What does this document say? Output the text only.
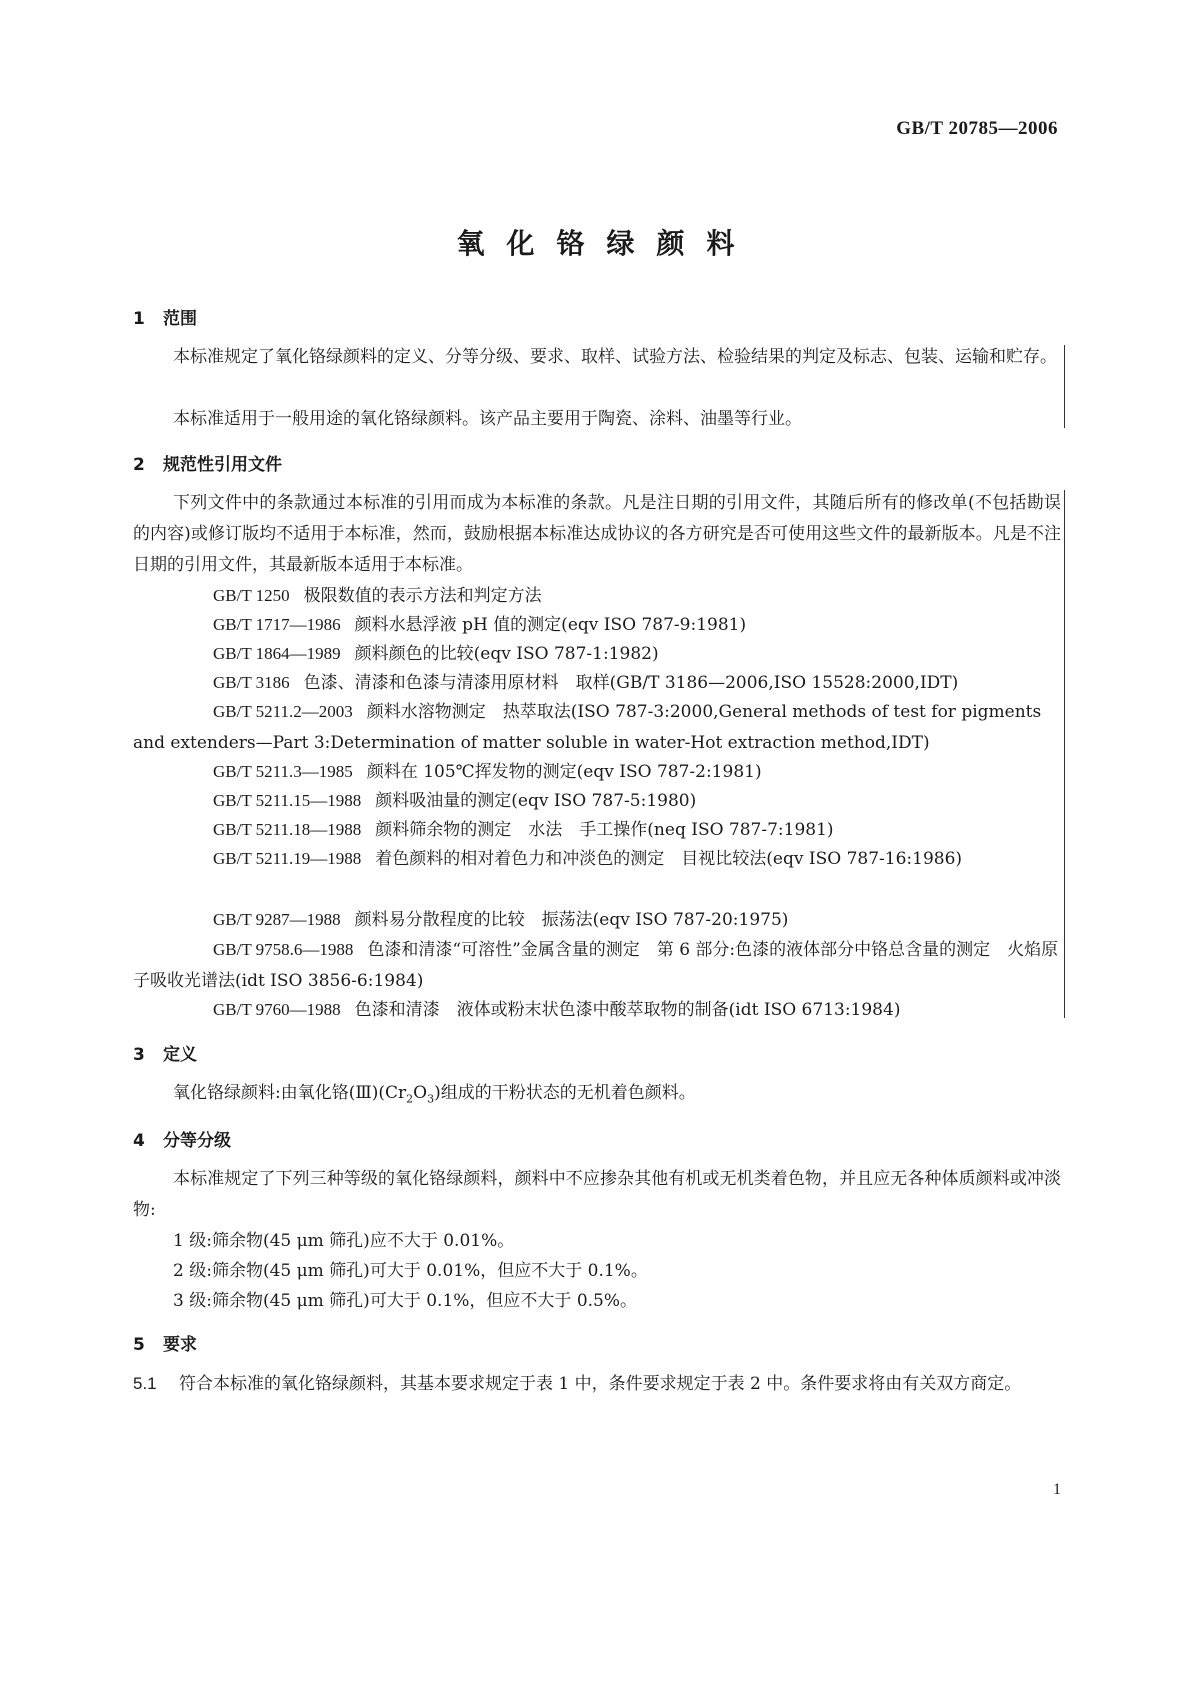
GB/T 20785—2006
氧化铬绿颜料
1 范围
本标准规定了氧化铬绿颜料的定义、分等分级、要求、取样、试验方法、检验结果的判定及标志、包装、运输和贮存。
本标准适用于一般用途的氧化铬绿颜料。该产品主要用于陶瓷、涂料、油墨等行业。
2 规范性引用文件
下列文件中的条款通过本标准的引用而成为本标准的条款。凡是注日期的引用文件，其随后所有的修改单(不包括勘误的内容)或修订版均不适用于本标准，然而，鼓励根据本标准达成协议的各方研究是否可使用这些文件的最新版本。凡是不注日期的引用文件，其最新版本适用于本标准。
GB/T 1250 极限数值的表示方法和判定方法
GB/T 1717—1986 颜料水悬浮液 pH 值的测定(eqv ISO 787-9:1981)
GB/T 1864—1989 颜料颜色的比较(eqv ISO 787-1:1982)
GB/T 3186 色漆、清漆和色漆与清漆用原材料　取样(GB/T 3186—2006,ISO 15528:2000,IDT)
GB/T 5211.2—2003 颜料水溶物测定　热萃取法(ISO 787-3:2000,General methods of test for pigments and extenders—Part 3:Determination of matter soluble in water-Hot extraction method,IDT)
GB/T 5211.3—1985 颜料在 105℃挥发物的测定(eqv ISO 787-2:1981)
GB/T 5211.15—1988 颜料吸油量的测定(eqv ISO 787-5:1980)
GB/T 5211.18—1988 颜料筛余物的测定　水法　手工操作(neq ISO 787-7:1981)
GB/T 5211.19—1988 着色颜料的相对着色力和冲淡色的测定　目视比较法(eqv ISO 787-16:1986)
GB/T 9287—1988 颜料易分散程度的比较　振荡法(eqv ISO 787-20:1975)
GB/T 9758.6—1988 色漆和清漆“可溶性”金属含量的测定　第 6 部分:色漆的液体部分中铬总含量的测定　火焰原子吸收光谱法(idt ISO 3856-6:1984)
GB/T 9760—1988 色漆和清漆　液体或粉末状色漆中酸萃取物的制备(idt ISO 6713:1984)
3 定义
氧化铬绿颜料:由氧化铬$(Ⅲ)(Cr_2O_3)$组成的干粉状态的无机着色颜料。
4 分等分级
本标准规定了下列三种等级的氧化铬绿颜料，颜料中不应掺杂其他有机或无机类着色物，并且应无各种体质颜料或冲淡物:
1 级:筛余物(45 μm 筛孔)应不大于 0.01%。
2 级:筛余物(45 μm 筛孔)可大于 0.01%，但应不大于 0.1%。
3 级:筛余物(45 μm 筛孔)可大于 0.1%，但应不大于 0.5%。
5 要求
5.1 符合本标准的氧化铬绿颜料，其基本要求规定于表 1 中，条件要求规定于表 2 中。条件要求将由有关双方商定。
1
